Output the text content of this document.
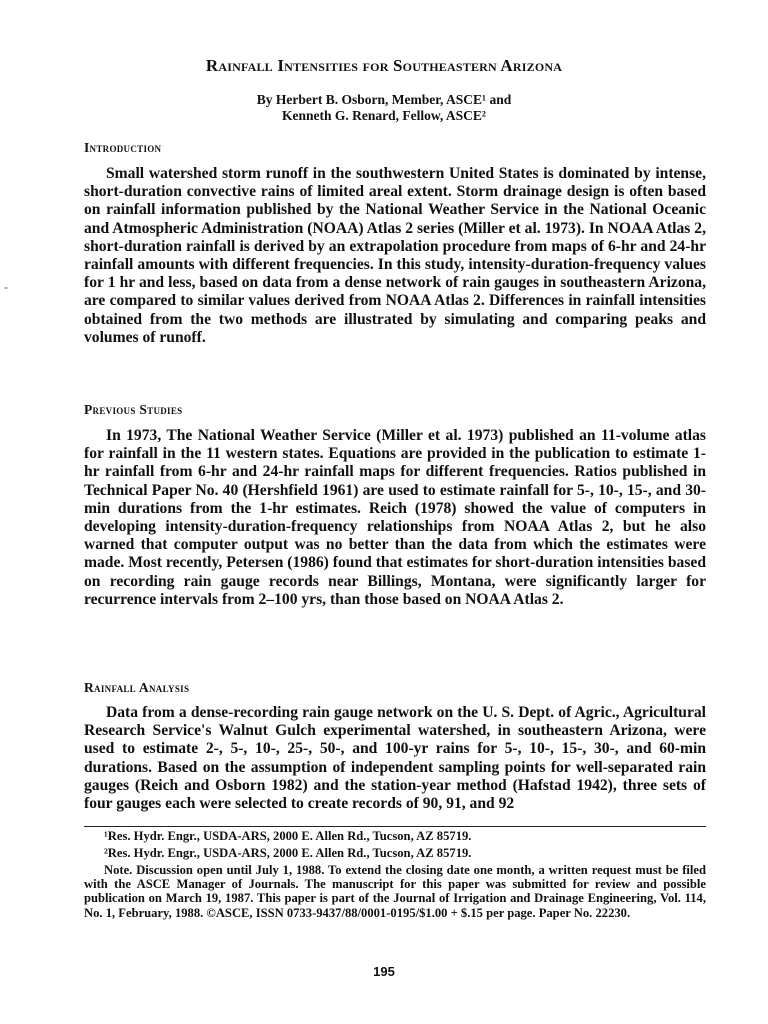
Rainfall Intensities for Southeastern Arizona
By Herbert B. Osborn, Member, ASCE¹ and
Kenneth G. Renard, Fellow, ASCE²
-
Introduction
Small watershed storm runoff in the southwestern United States is dominated by intense, short-duration convective rains of limited areal extent. Storm drainage design is often based on rainfall information published by the National Weather Service in the National Oceanic and Atmospheric Administration (NOAA) Atlas 2 series (Miller et al. 1973). In NOAA Atlas 2, short-duration rainfall is derived by an extrapolation procedure from maps of 6-hr and 24-hr rainfall amounts with different frequencies. In this study, intensity-duration-frequency values for 1 hr and less, based on data from a dense network of rain gauges in southeastern Arizona, are compared to similar values derived from NOAA Atlas 2. Differences in rainfall intensities obtained from the two methods are illustrated by simulating and comparing peaks and volumes of runoff.
Previous Studies
In 1973, The National Weather Service (Miller et al. 1973) published an 11-volume atlas for rainfall in the 11 western states. Equations are provided in the publication to estimate 1-hr rainfall from 6-hr and 24-hr rainfall maps for different frequencies. Ratios published in Technical Paper No. 40 (Hershfield 1961) are used to estimate rainfall for 5-, 10-, 15-, and 30-min durations from the 1-hr estimates. Reich (1978) showed the value of computers in developing intensity-duration-frequency relationships from NOAA Atlas 2, but he also warned that computer output was no better than the data from which the estimates were made. Most recently, Petersen (1986) found that estimates for short-duration intensities based on recording rain gauge records near Billings, Montana, were significantly larger for recurrence intervals from 2–100 yrs, than those based on NOAA Atlas 2.
Rainfall Analysis
Data from a dense-recording rain gauge network on the U. S. Dept. of Agric., Agricultural Research Service's Walnut Gulch experimental watershed, in southeastern Arizona, were used to estimate 2-, 5-, 10-, 25-, 50-, and 100-yr rains for 5-, 10-, 15-, 30-, and 60-min durations. Based on the assumption of independent sampling points for well-separated rain gauges (Reich and Osborn 1982) and the station-year method (Hafstad 1942), three sets of four gauges each were selected to create records of 90, 91, and 92
¹Res. Hydr. Engr., USDA-ARS, 2000 E. Allen Rd., Tucson, AZ 85719.
²Res. Hydr. Engr., USDA-ARS, 2000 E. Allen Rd., Tucson, AZ 85719.
Note. Discussion open until July 1, 1988. To extend the closing date one month, a written request must be filed with the ASCE Manager of Journals. The manuscript for this paper was submitted for review and possible publication on March 19, 1987. This paper is part of the Journal of Irrigation and Drainage Engineering, Vol. 114, No. 1, February, 1988. ©ASCE, ISSN 0733-9437/88/0001-0195/$1.00 + $.15 per page. Paper No. 22230.
195
